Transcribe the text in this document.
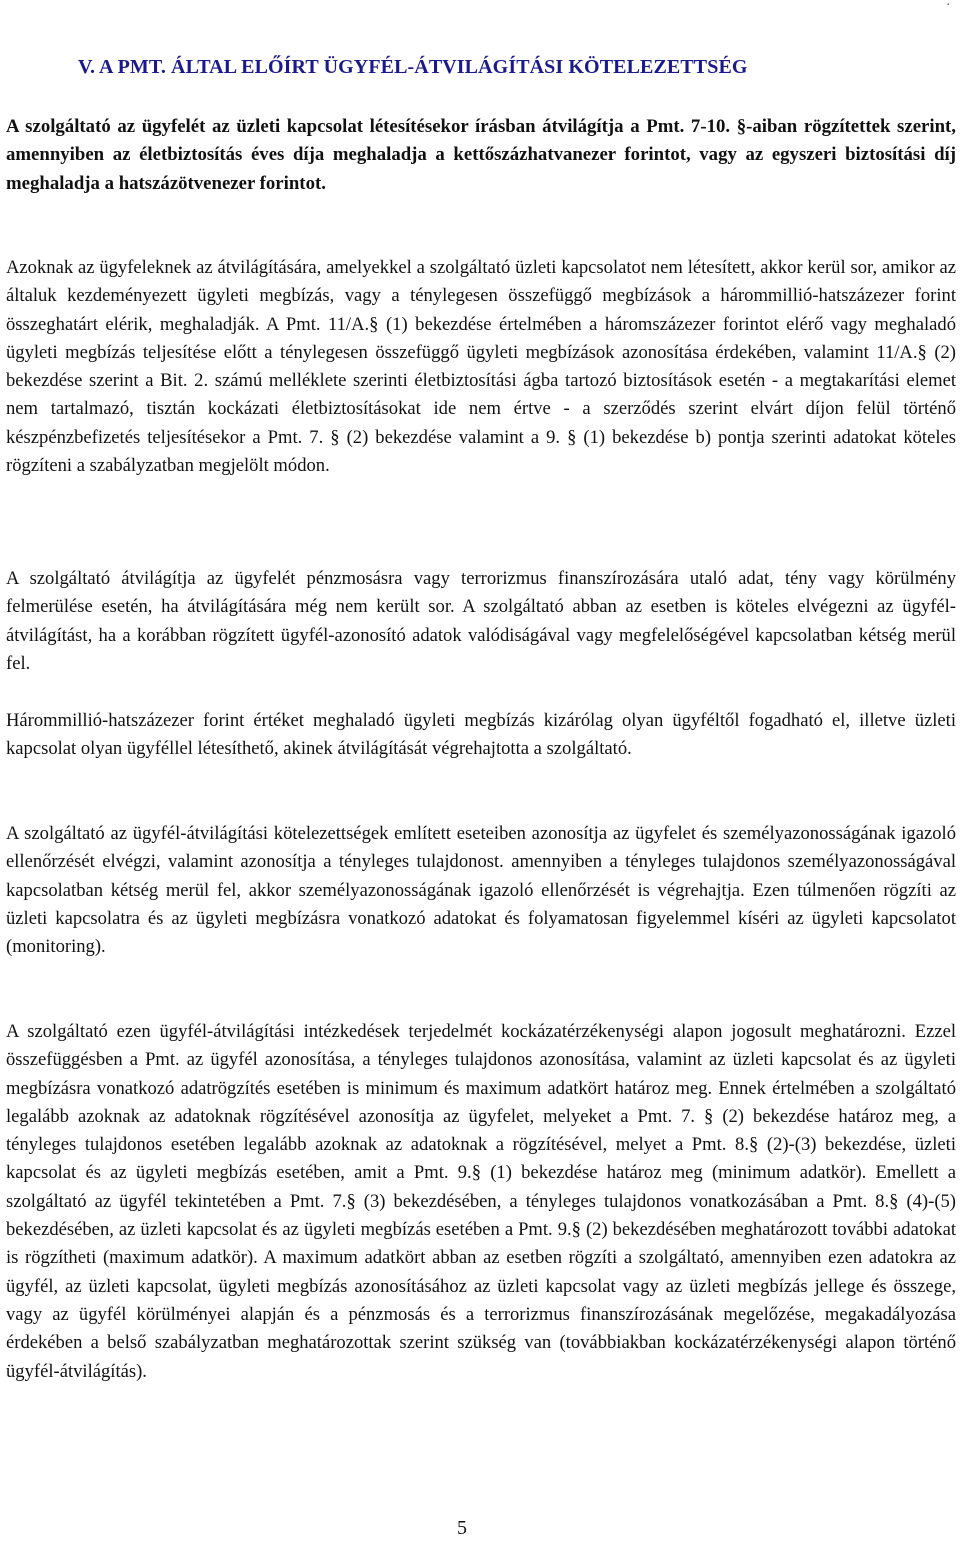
.
V. A PMT. ÁLTAL ELŐÍRT ÜGYFÉL-ÁTVILÁGÍTÁSI KÖTELEZETTSÉG

A szolgáltató az ügyfelét az üzleti kapcsolat létesítésekor írásban átvilágítja a Pmt. 7-10. §-aiban rögzítettek szerint, amennyiben az életbiztosítás éves díja meghaladja a kettőszázhatvanezer forintot, vagy az egyszeri biztosítási díj meghaladja a hatszázötvenezer forintot.

Azoknak az ügyfeleknek az átvilágítására, amelyekkel a szolgáltató üzleti kapcsolatot nem létesített, akkor kerül sor, amikor az általuk kezdeményezett ügyleti megbízás, vagy a ténylegesen összefüggő megbízások a hárommillió-hatszázezer forint összeghatárt elérik, meghaladják. A Pmt. 11/A.§ (1) bekezdése értelmében a háromszázezer forintot elérő vagy meghaladó ügyleti megbízás teljesítése előtt a ténylegesen összefüggő ügyleti megbízások azonosítása érdekében, valamint 11/A.§ (2) bekezdése szerint a Bit. 2. számú melléklete szerinti életbiztosítási ágba tartozó biztosítások esetén - a megtakarítási elemet nem tartalmazó, tisztán kockázati életbiztosításokat ide nem értve - a szerződés szerint elvárt díjon felül történő készpénzbefizetés teljesítésekor a Pmt. 7. § (2) bekezdése valamint a 9. § (1) bekezdése b) pontja szerinti adatokat köteles rögzíteni a szabályzatban megjelölt módon.

A szolgáltató átvilágítja az ügyfelét pénzmosásra vagy terrorizmus finanszírozására utaló adat, tény vagy körülmény felmerülése esetén, ha átvilágítására még nem került sor. A szolgáltató abban az esetben is köteles elvégezni az ügyfél-átvilágítást, ha a korábban rögzített ügyfél-azonosító adatok valódiságával vagy megfelelőségével kapcsolatban kétség merül fel.

Hárommillió-hatszázezer forint értéket meghaladó ügyleti megbízás kizárólag olyan ügyféltől fogadható el, illetve üzleti kapcsolat olyan ügyféllel létesíthető, akinek átvilágítását végrehajtotta a szolgáltató.

A szolgáltató az ügyfél-átvilágítási kötelezettségek említett eseteiben azonosítja az ügyfelet és személyazonosságának igazoló ellenőrzését elvégzi, valamint azonosítja a tényleges tulajdonost. amennyiben a tényleges tulajdonos személyazonosságával kapcsolatban kétség merül fel, akkor személyazonosságának igazoló ellenőrzését is végrehajtja. Ezen túlmenően rögzíti az üzleti kapcsolatra és az ügyleti megbízásra vonatkozó adatokat és folyamatosan figyelemmel kíséri az ügyleti kapcsolatot (monitoring).

A szolgáltató ezen ügyfél-átvilágítási intézkedések terjedelmét kockázatérzékenységi alapon jogosult meghatározni. Ezzel összefüggésben a Pmt. az ügyfél azonosítása, a tényleges tulajdonos azonosítása, valamint az üzleti kapcsolat és az ügyleti megbízásra vonatkozó adatrögzítés esetében is minimum és maximum adatkört határoz meg. Ennek értelmében a szolgáltató legalább azoknak az adatoknak rögzítésével azonosítja az ügyfelet, melyeket a Pmt. 7. § (2) bekezdése határoz meg, a tényleges tulajdonos esetében legalább azoknak az adatoknak a rögzítésével, melyet a Pmt. 8.§ (2)-(3) bekezdése, üzleti kapcsolat és az ügyleti megbízás esetében, amit a Pmt. 9.§ (1) bekezdése határoz meg (minimum adatkör). Emellett a szolgáltató az ügyfél tekintetében a Pmt. 7.§ (3) bekezdésében, a tényleges tulajdonos vonatkozásában a Pmt. 8.§ (4)-(5) bekezdésében, az üzleti kapcsolat és az ügyleti megbízás esetében a Pmt. 9.§ (2) bekezdésében meghatározott további adatokat is rögzítheti (maximum adatkör). A maximum adatkört abban az esetben rögzíti a szolgáltató, amennyiben ezen adatokra az ügyfél, az üzleti kapcsolat, ügyleti megbízás azonosításához az üzleti kapcsolat vagy az üzleti megbízás jellege és összege, vagy az ügyfél körülményei alapján és a pénzmosás és a terrorizmus finanszírozásának megelőzése, megakadályozása érdekében a belső szabályzatban meghatározottak szerint szükség van (továbbiakban kockázatérzékenységi alapon történő ügyfél-átvilágítás).

5
